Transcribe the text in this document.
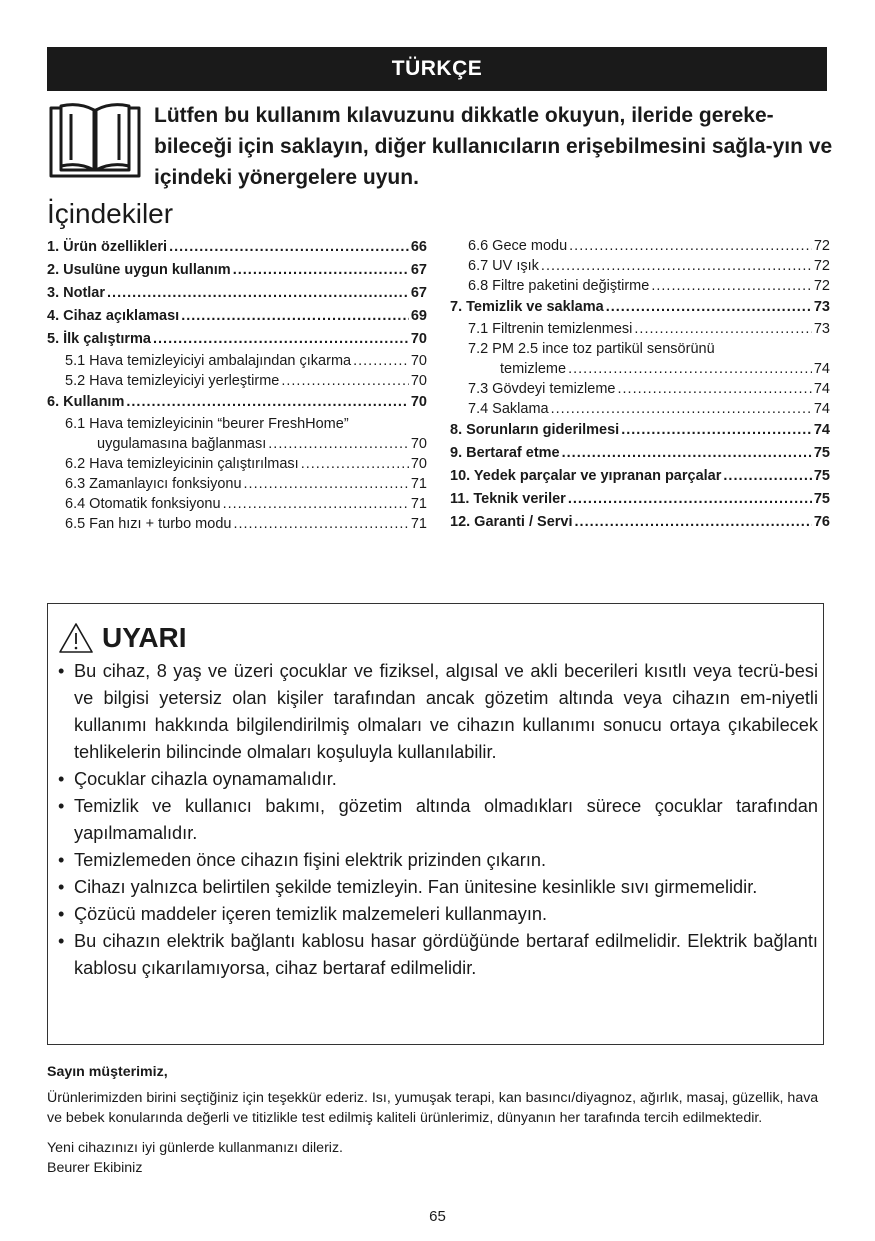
TÜRKÇE

Lütfen bu kullanım kılavuzunu dikkatle okuyun, ileride gereke-bileceği için saklayın, diğer kullanıcıların erişebilmesini sağla-yın ve içindeki yönergelere uyun.

İçindekiler
1. Ürün özellikleri .....	66
2. Usulüne uygun kullanım .....	67
3. Notlar .....	67
4. Cihaz açıklaması .....	69
5. İlk çalıştırma .....	70
5.1 Hava temizleyiciyi ambalajından çıkarma .....	70
5.2 Hava temizleyiciyi yerleştirme .....	70
6. Kullanım .....	70
6.1 Hava temizleyicinin “beurer FreshHome”
uygulamasına bağlanması .....	70
6.2 Hava temizleyicinin çalıştırılması .....	70
6.3 Zamanlayıcı fonksiyonu .....	71
6.4 Otomatik fonksiyonu .....	71
6.5 Fan hızı + turbo modu .....	71
6.6 Gece modu .....	72
6.7 UV ışık .....	72
6.8 Filtre paketini değiştirme .....	72
7. Temizlik ve saklama .....	73
7.1 Filtrenin temizlenmesi .....	73
7.2 PM 2.5 ince toz partikül sensörünü
temizleme .....	74
7.3 Gövdeyi temizleme .....	74
7.4 Saklama .....	74
8. Sorunların giderilmesi .....	74
9. Bertaraf etme .....	75
10. Yedek parçalar ve yıpranan parçalar .....	75
11. Teknik veriler .....	75
12. Garanti / Servi .....	76
UYARI
• Bu cihaz, 8 yaş ve üzeri çocuklar ve fiziksel, algısal ve akli becerileri kısıtlı veya tecrü-besi ve bilgisi yetersiz olan kişiler tarafından ancak gözetim altında veya cihazın em-niyetli kullanımı hakkında bilgilendirilmiş olmaları ve cihazın kullanımı sonucu ortaya çıkabilecek tehlikelerin bilincinde olmaları koşuluyla kullanılabilir.
• Çocuklar cihazla oynamamalıdır.
• Temizlik ve kullanıcı bakımı, gözetim altında olmadıkları sürece çocuklar tarafından yapılmamalıdır.
• Temizlemeden önce cihazın fişini elektrik prizinden çıkarın.
• Cihazı yalnızca belirtilen şekilde temizleyin. Fan ünitesine kesinlikle sıvı girmemelidir.
• Çözücü maddeler içeren temizlik malzemeleri kullanmayın.
• Bu cihazın elektrik bağlantı kablosu hasar gördüğünde bertaraf edilmelidir. Elektrik bağlantı kablosu çıkarılamıyorsa, cihaz bertaraf edilmelidir.

Sayın müşterimiz,

Ürünlerimizden birini seçtiğiniz için teşekkür ederiz. Isı, yumuşak terapi, kan basıncı/diyagnoz, ağırlık, masaj, güzellik, hava ve bebek konularında değerli ve titizlikle test edilmiş kaliteli ürünlerimiz, dünyanın her tarafında tercih edilmektedir.

Yeni cihazınızı iyi günlerde kullanmanızı dileriz.

Beurer Ekibiniz

65
